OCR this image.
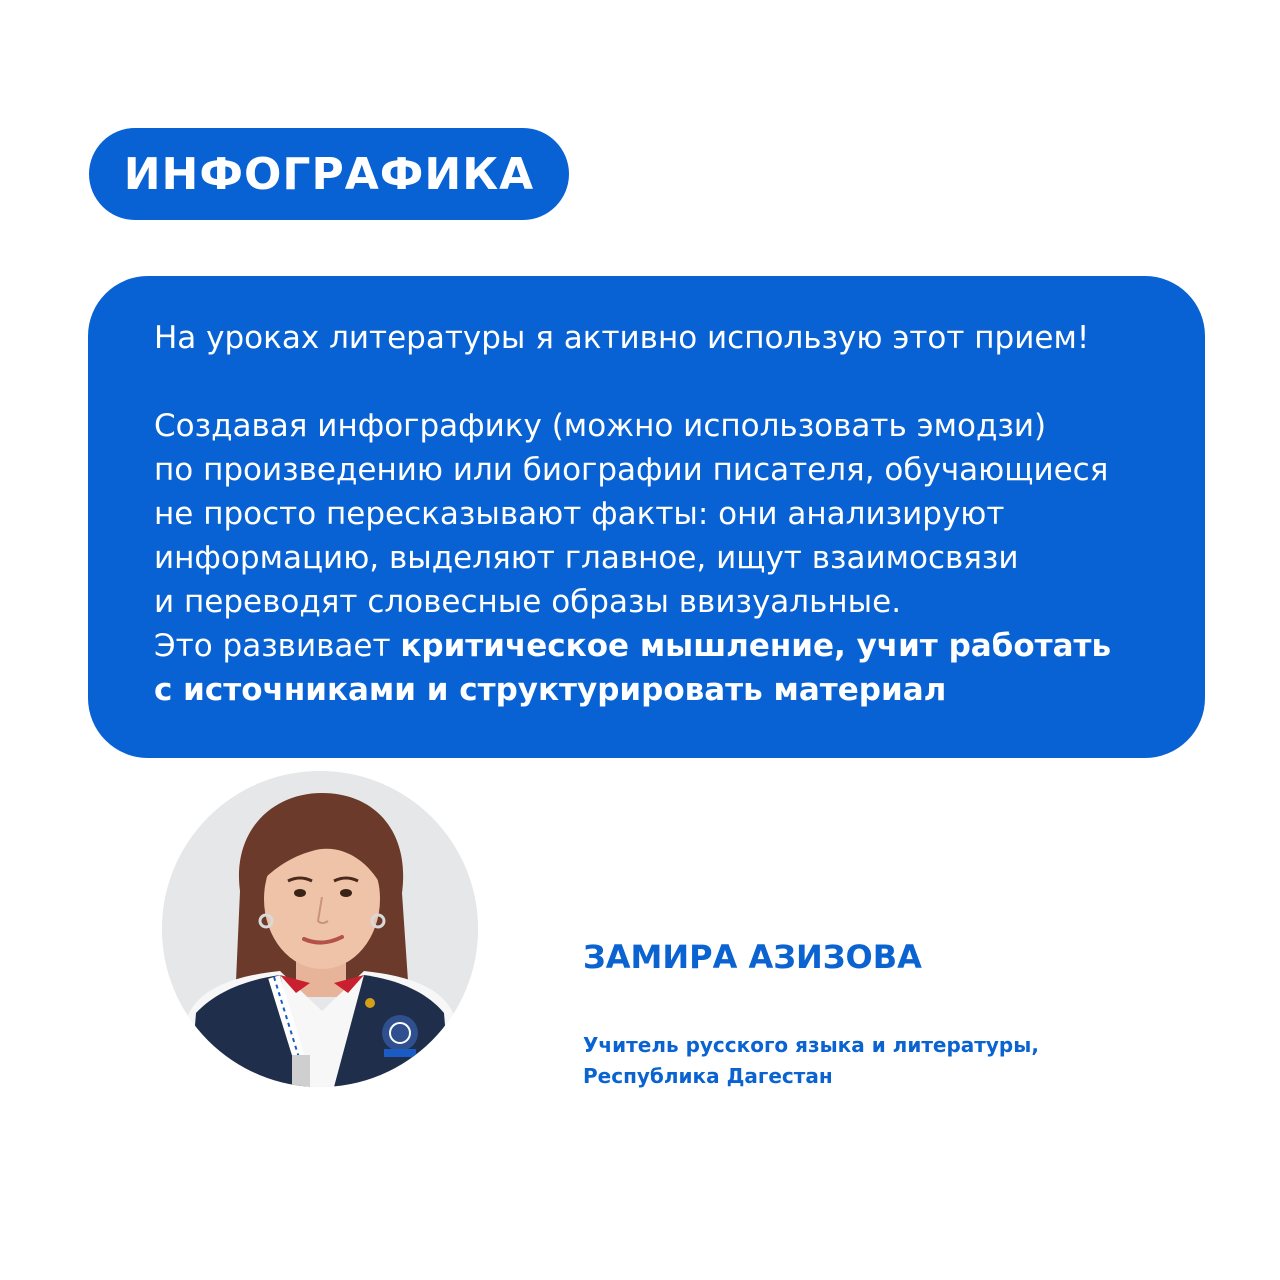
ИНФОГРАФИКА

На уроках литературы я активно использую этот прием!

Создавая инфографику (можно использовать эмодзи)
по произведению или биографии писателя, обучающиеся
не просто пересказывают факты: они анализируют
информацию, выделяют главное, ищут взаимосвязи
и переводят словесные образы ввизуальные.
Это развивает критическое мышление, учит работать
с источниками и структурировать материал
ЗАМИРА АЗИЗОВА
Учитель русского языка и литературы,
Республика Дагестан
